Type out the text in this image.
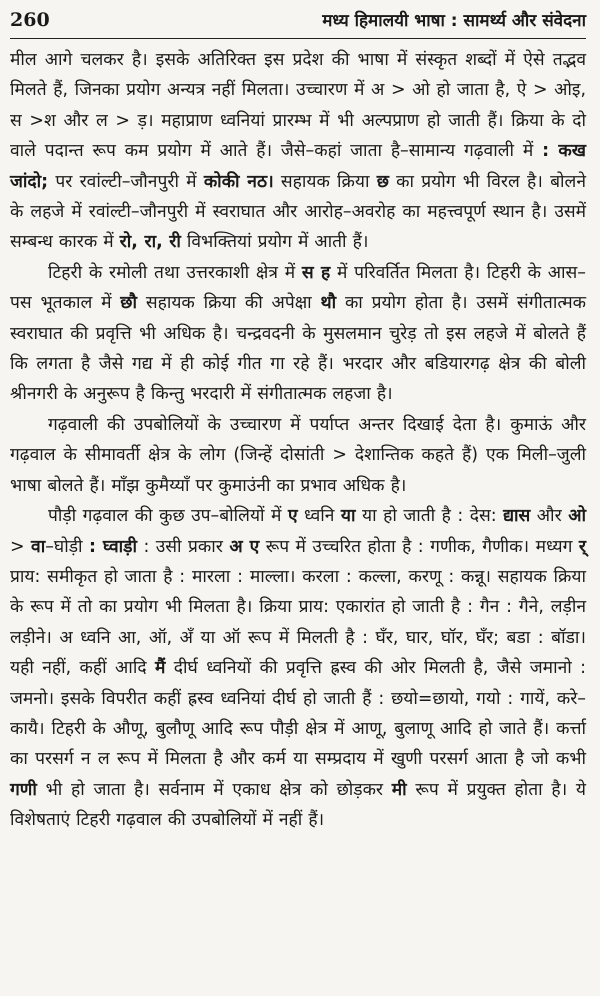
260	मध्य हिमालयी भाषा : सामर्थ्य और संवेदना

मील आगे चलकर है। इसके अतिरिक्त इस प्रदेश की भाषा में संस्कृत शब्दों में ऐसे तद्भव मिलते हैं, जिनका प्रयोग अन्यत्र नहीं मिलता। उच्चारण में अ > ओ हो जाता है, ऐ > ओइ, स >श और ल > ड़। महाप्राण ध्वनियां प्रारम्भ में भी अल्पप्राण हो जाती हैं। क्रिया के दो वाले पदान्त रूप कम प्रयोग में आते हैं। जैसे–कहां जाता है–सामान्य गढ़वाली में : कख जांदो; पर रवांल्टी–जौनपुरी में कोकी नठ। सहायक क्रिया छ का प्रयोग भी विरल है। बोलने के लहजे में रवांल्टी–जौनपुरी में स्वराघात और आरोह–अवरोह का महत्त्वपूर्ण स्थान है। उसमें सम्बन्ध कारक में रो, रा, री विभक्तियां प्रयोग में आती हैं।

टिहरी के रमोली तथा उत्तरकाशी क्षेत्र में स ह में परिवर्तित मिलता है। टिहरी के आस–पस भूतकाल में छौ सहायक क्रिया की अपेक्षा थौ का प्रयोग होता है। उसमें संगीतात्मक स्वराघात की प्रवृत्ति भी अधिक है। चन्द्रवदनी के मुसलमान चुरेड़ तो इस लहजे में बोलते हैं कि लगता है जैसे गद्य में ही कोई गीत गा रहे हैं। भरदार और बडियारगढ़ क्षेत्र की बोली श्रीनगरी के अनुरूप है किन्तु भरदारी में संगीतात्मक लहजा है।

गढ़वाली की उपबोलियों के उच्चारण में पर्याप्त अन्तर दिखाई देता है। कुमाऊं और गढ़वाल के सीमावर्ती क्षेत्र के लोग (जिन्हें दोसांती > देशान्तिक कहते हैं) एक मिली–जुली भाषा बोलते हैं। माँझ कुमैय्याँ पर कुमाउंनी का प्रभाव अधिक है।

पौड़ी गढ़वाल की कुछ उप–बोलियों में ए ध्वनि या या हो जाती है : देस: द्यास और ओ > वा–घोड़ी : घ्वाड़ी : उसी प्रकार अ ए रूप में उच्चरित होता है : गणीक, गैणीक। मध्यग र् प्राय: समीकृत हो जाता है : मारला : माल्ला। करला : कल्ला, करणू : कन्नू। सहायक क्रिया के रूप में तो का प्रयोग भी मिलता है। क्रिया प्राय: एकारांत हो जाती है : गैन : गैने, लड़ीन लड़ीने। अ ध्वनि आ, ऑ, अँ या ऑ रूप में मिलती है : घँर, घार, घॉर, घँर; बडा : बॉडा। यही नहीं, कहीं आदि मैं दीर्घ ध्वनियों की प्रवृत्ति ह्रस्व की ओर मिलती है, जैसे जमानो : जमनो। इसके विपरीत कहीं ह्रस्व ध्वनियां दीर्घ हो जाती हैं : छयो=छायो, गयो : गायें, करे–कायै। टिहरी के औणू, बुलौणू आदि रूप पौड़ी क्षेत्र में आणू, बुलाणू आदि हो जाते हैं। कर्त्ता का परसर्ग न ल रूप में मिलता है और कर्म या सम्प्रदाय में खुणी परसर्ग आता है जो कभी गणी भी हो जाता है। सर्वनाम में एकाध क्षेत्र को छोड़कर मी रूप में प्रयुक्त होता है। ये विशेषताएं टिहरी गढ़वाल की उपबोलियों में नहीं हैं।
